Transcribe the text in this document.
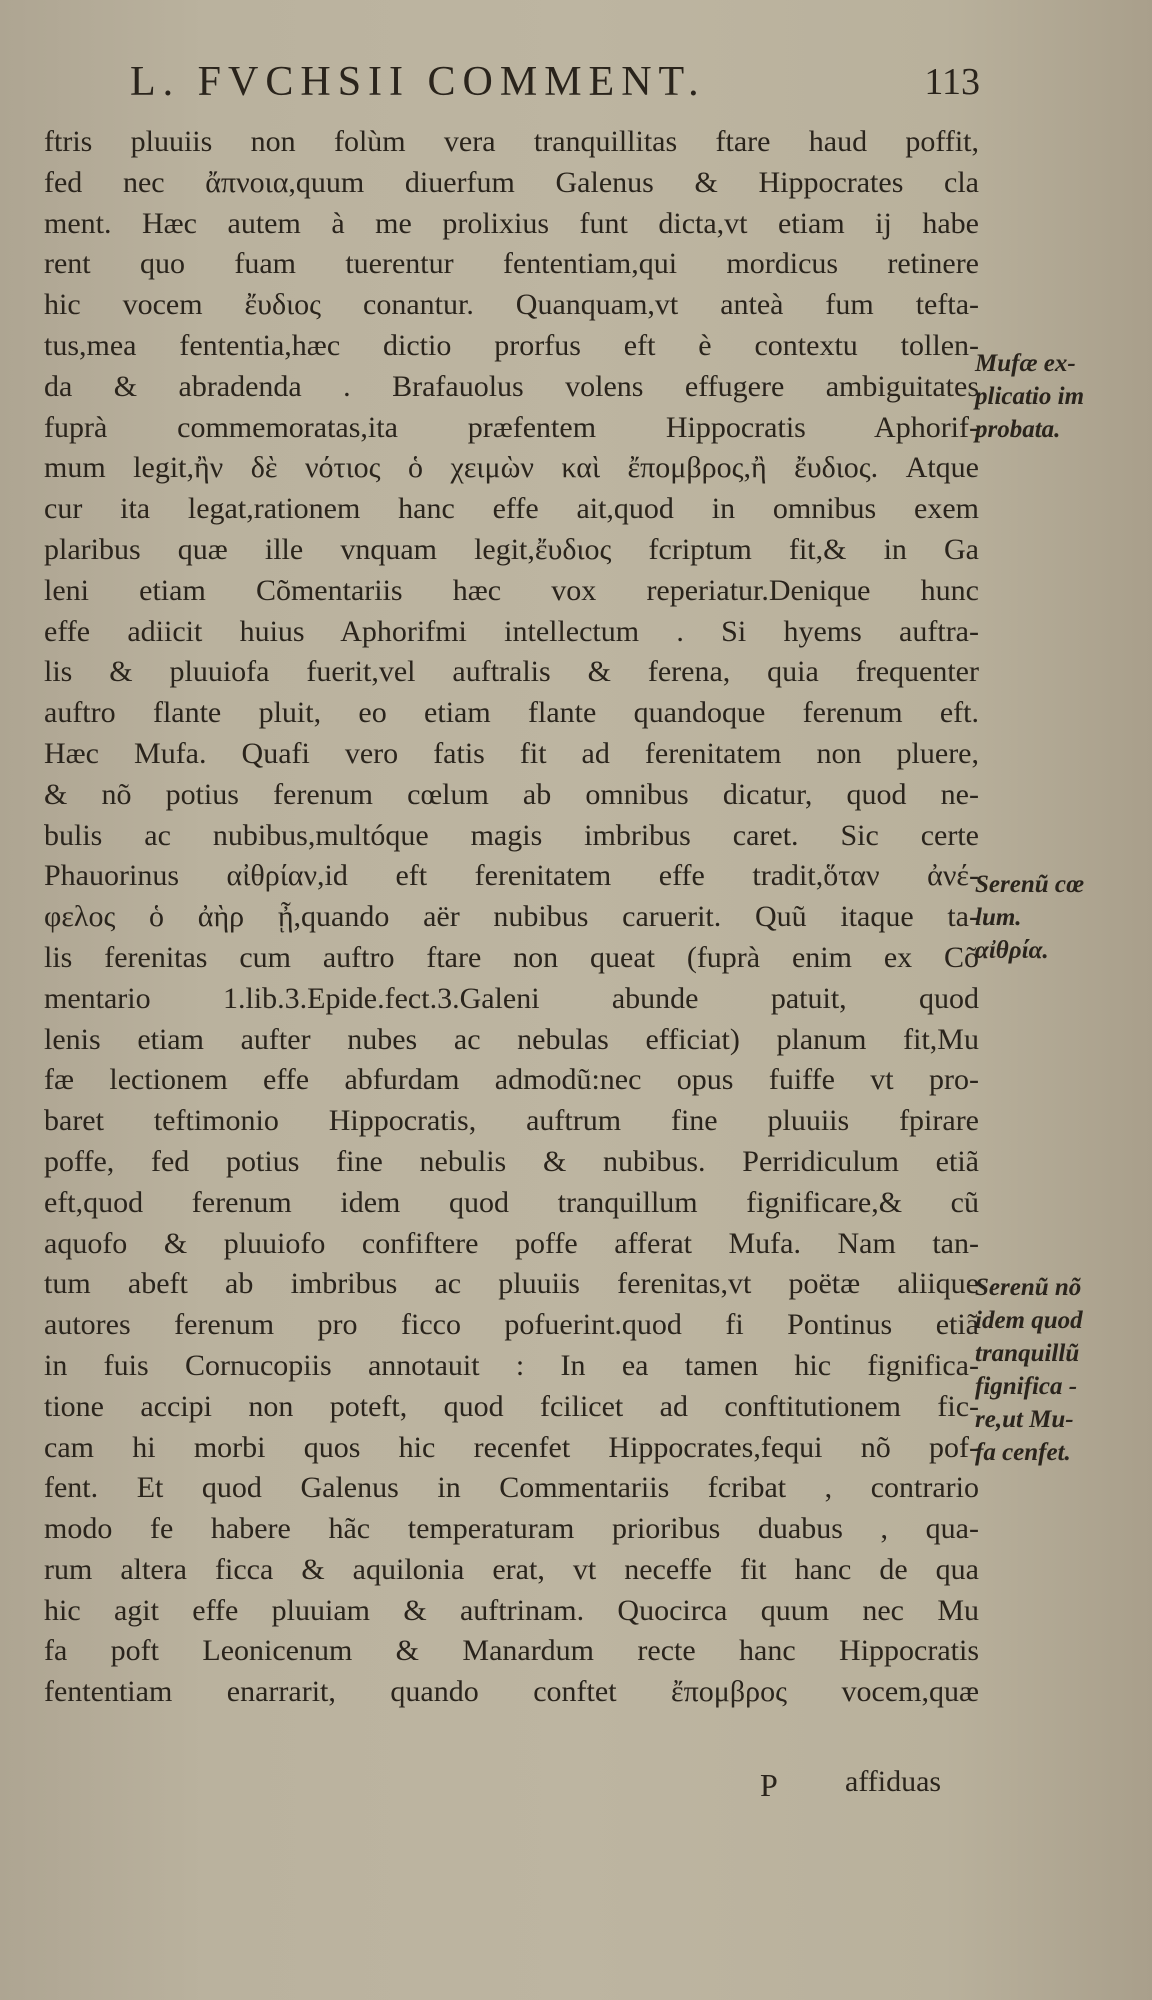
L. FVCHSII COMMENT.	113
ftris pluuiis non folùm vera tranquillitas ftare haud poffit,
fed nec ἄπνοια,quum diuerfum Galenus & Hippocrates cla
ment. Hæc autem à me prolixius funt dicta,vt etiam ij habe
rent quo fuam tuerentur fententiam,qui mordicus retinere
hic vocem ἔυδιος conantur. Quanquam,vt anteà fum tefta-
tus,mea fententia,hæc dictio prorfus eft è contextu tollen-
da & abradenda . Brafauolus volens effugere ambiguitates
fuprà commemoratas,ita præfentem Hippocratis Aphorif-
mum legit,ἢν δὲ νότιος ὁ χειμὼν καὶ ἔπομβρος,ἢ ἔυδιος. Atque
cur ita legat,rationem hanc effe ait,quod in omnibus exem
plaribus quæ ille vnquam legit,ἔυδιος fcriptum fit,& in Ga
leni etiam Cõmentariis hæc vox reperiatur.Denique hunc
effe adiicit huius Aphorifmi intellectum . Si hyems auftra-
lis & pluuiofa fuerit,vel auftralis & ferena, quia frequenter
auftro flante pluit, eo etiam flante quandoque ferenum eft.
Hæc Mufa. Quafi vero fatis fit ad ferenitatem non pluere,
& nõ potius ferenum cœlum ab omnibus dicatur, quod ne-
bulis ac nubibus,multóque magis imbribus caret. Sic certe
Phauorinus αἰθρίαν,id eft ferenitatem effe tradit,ὅταν ἀνέ-
φελος ὁ ἀὴρ ᾖ,quando aër nubibus caruerit. Quũ itaque ta-
lis ferenitas cum auftro ftare non queat (fuprà enim ex Cõ
mentario 1.lib.3.Epide.fect.3.Galeni abunde patuit, quod
lenis etiam aufter nubes ac nebulas efficiat) planum fit,Mu
fæ lectionem effe abfurdam admodũ:nec opus fuiffe vt pro-
baret teftimonio Hippocratis, auftrum fine pluuiis fpirare
poffe, fed potius fine nebulis & nubibus. Perridiculum etiã
eft,quod ferenum idem quod tranquillum fignificare,& cũ
aquofo & pluuiofo confiftere poffe afferat Mufa. Nam tan-
tum abeft ab imbribus ac pluuiis ferenitas,vt poëtæ aliique
autores ferenum pro ficco pofuerint.quod fi Pontinus etiã
in fuis Cornucopiis annotauit : In ea tamen hic fignifica-
tione accipi non poteft, quod fcilicet ad conftitutionem fic-
cam hi morbi quos hic recenfet Hippocrates,fequi nõ pof-
fent. Et quod Galenus in Commentariis fcribat , contrario
modo fe habere hãc temperaturam prioribus duabus , qua-
rum altera ficca & aquilonia erat, vt neceffe fit hanc de qua
hic agit effe pluuiam & auftrinam. Quocirca quum nec Mu
fa poft Leonicenum & Manardum recte hanc Hippocratis
fententiam enarrarit, quando conftet ἔπομβρος vocem,quæ
Mufæ ex-
plicatio im
probata.
Serenũ cœ
lum.
αἰθρία.
Serenũ nõ
idem quod
tranquillũ
fignifica -
re,ut Mu-
fa cenfet.
P affiduas
